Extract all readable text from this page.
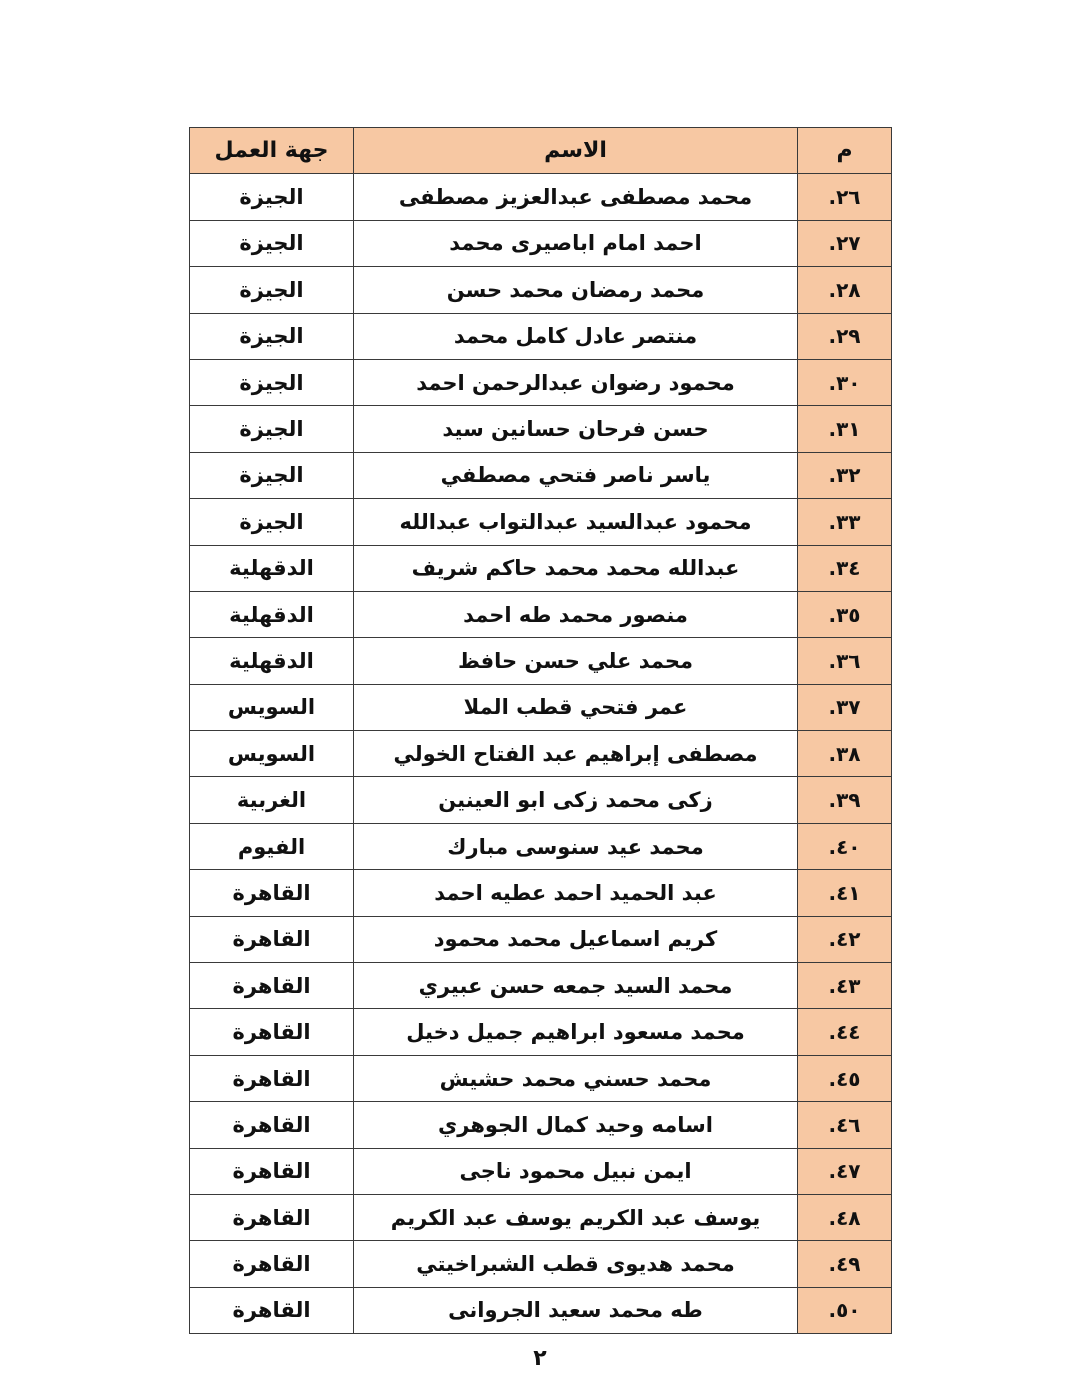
م	الاسم	جهة العمل
٢٦.	محمد مصطفى عبدالعزيز مصطفى	الجيزة
٢٧.	احمد امام اباصيرى محمد	الجيزة
٢٨.	محمد رمضان محمد حسن	الجيزة
٢٩.	منتصر عادل كامل محمد	الجيزة
٣٠.	محمود رضوان عبدالرحمن احمد	الجيزة
٣١.	حسن فرحان حسانين سيد	الجيزة
٣٢.	ياسر ناصر فتحي مصطفي	الجيزة
٣٣.	محمود عبدالسيد عبدالتواب عبدالله	الجيزة
٣٤.	عبدالله محمد محمد حاكم شريف	الدقهلية
٣٥.	منصور محمد طه احمد	الدقهلية
٣٦.	محمد علي حسن حافظ	الدقهلية
٣٧.	عمر فتحي قطب الملا	السويس
٣٨.	مصطفى إبراهيم عبد الفتاح الخولي	السويس
٣٩.	زكى محمد زكى ابو العينين	الغربية
٤٠.	محمد عيد سنوسى مبارك	الفيوم
٤١.	عبد الحميد احمد عطيه احمد	القاهرة
٤٢.	كريم اسماعيل محمد محمود	القاهرة
٤٣.	محمد السيد جمعه حسن عبيري	القاهرة
٤٤.	محمد مسعود ابراهيم جميل دخيل	القاهرة
٤٥.	محمد حسني محمد حشيش	القاهرة
٤٦.	اسامه وحيد كمال الجوهري	القاهرة
٤٧.	ايمن نبيل محمود ناجى	القاهرة
٤٨.	يوسف عبد الكريم يوسف عبد الكريم	القاهرة
٤٩.	محمد هديوى قطب الشبراخيتي	القاهرة
٥٠.	طه محمد سعيد الجروانى	القاهرة
٢
